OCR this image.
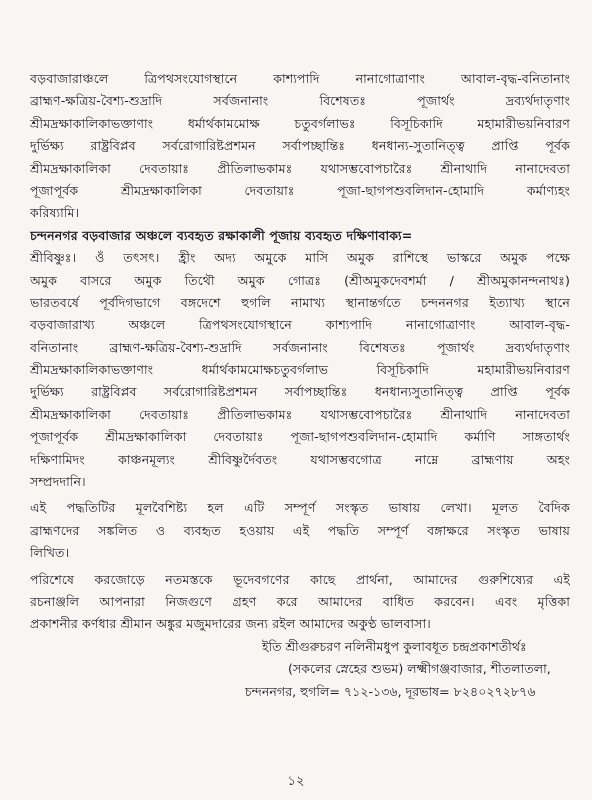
বড়বাজারাঞ্চলে ত্রিপথসংযোগস্থানে কাশ্যপাদি নানাগোত্রাণাং আবাল-বৃদ্ধ-বনিতানাং
ব্রাহ্মণ-ক্ষত্রিয়-বৈশ্য-শুদ্রাদি সর্বজনানাং বিশেষতঃ পূজার্থং দ্রব্যর্থদাতৃণাং
শ্রীমদ্রক্ষাকালিকাভক্তাণাং ধর্মার্থকামমোক্ষ চতুবর্গলাভঃ বিসূচিকাদি মহামারীভয়নিবারণ
দুর্ভিক্ষ্য রাষ্ট্রবিপ্লব সর্বরোগারিষ্টপ্রশমন সর্বাপচ্ছান্তিঃ ধনধান্য-সুতানিত্ত্ব প্রাপ্তি পূর্বক
শ্রীমদ্রক্ষাকালিকা দেবতায়াঃ প্রীতিলাভকামঃ যথাসম্ভবোপচারৈঃ শ্রীনাথাদি নানাদেবতা
পূজাপূর্বক শ্রীমদ্রক্ষাকালিকা দেবতায়াঃ পূজা-ছাগপশুবলিদান-হোমাদি কর্মাণ্যহং
করিষ্যামি।
চন্দননগর বড়বাজার অঞ্চলে ব্যবহৃত রক্ষাকালী পূজায় ব্যবহৃত দক্ষিণাবাক্য=
শ্রীবিষ্ণুঃ। ওঁ তৎসৎ। হ্রীং অদ্য অমুকে মাসি অমুক রাশিস্থে ভাস্করে অমুক পক্ষে
অমুক বাসরে অমুক তিথৌ অমুক গোত্রঃ (শ্রীঅমুকদেবশর্মা / শ্রীঅমুকানন্দনাথঃ)
ভারতবর্ষে পূর্বদিগভাগে বঙ্গদেশে হুগলি নামাখ্য স্থানান্তর্গতে চন্দননগর ইত্যাখ্য স্থানে
বড়বাজারাখ্য অঞ্চলে ত্রিপথসংযোগস্থানে কাশ্যপাদি নানাগোত্রাণাং আবাল-বৃদ্ধ-
বনিতানাং ব্রাহ্মণ-ক্ষত্রিয়-বৈশ্য-শুদ্রাদি সর্বজনানাং বিশেষতঃ পূজার্থং দ্রব্যর্থদাতৃণাং
শ্রীমদ্রক্ষাকালিকাভক্তাণাং ধর্মার্থকামমোক্ষচতুবর্গলাভ বিসূচিকাদি মহামারীভয়নিবারণ
দুর্ভিক্ষ্য রাষ্ট্রবিপ্লব সর্বরোগারিষ্টপ্রশমন সর্বাপচ্ছান্তিঃ ধনধান্যসুতানিত্ত্ব প্রাপ্তি পূর্বক
শ্রীমদ্রক্ষাকালিকা দেবতায়াঃ প্রীতিলাভকামঃ যথাসম্ভবোপচারৈঃ শ্রীনাথাদি নানাদেবতা
পূজাপূর্বক শ্রীমদ্রক্ষাকালিকা দেবতায়াঃ পূজা-ছাগপশুবলিদান-হোমাদি কর্মাণি সাঙ্গতার্থং
দক্ষিণামিদং কাঞ্চনমূল্যং শ্রীবিষ্ণুর্দৈবতং যথাসম্ভবগোত্র নাম্নে ব্রাহ্মণায় অহং
সম্প্রদদানি।
এই পদ্ধতিটির মূলবৈশিষ্ট্য হল এটি সম্পূর্ণ সংস্কৃত ভাষায় লেখা। মূলত বৈদিক
ব্রাহ্মণদের সঙ্কলিত ও ব্যবহৃত হওয়ায় এই পদ্ধতি সম্পূর্ণ বঙ্গাক্ষরে সংস্কৃত ভাষায়
লিখিত।
পরিশেষে করজোড়ে নতমস্তকে ভূদেবগণের কাছে প্রার্থনা, আমাদের গুরুশিষ্যের এই
রচনাঞ্জলি আপনারা নিজগুণে গ্রহণ করে আমাদের বাধিত করবেন। এবং মৃত্তিকা
প্রকাশনীর কর্ণধার শ্রীমান অঙ্কুর মজুমদারের জন্য রইল আমাদের অকুণ্ঠ ভালবাসা।
ইতি শ্রীগুরুচরণ নলিনীমধুপ কুলাবধূত চন্দ্রপ্রকাশতীর্থঃ
(সকলের স্নেহের শুভম) লক্ষ্মীগঞ্জবাজার, শীতলাতলা,
চন্দননগর, হুগলি= ৭১২-১৩৬, দূরভাষ= ৮২৪০২৭২৮৭৬
১২
